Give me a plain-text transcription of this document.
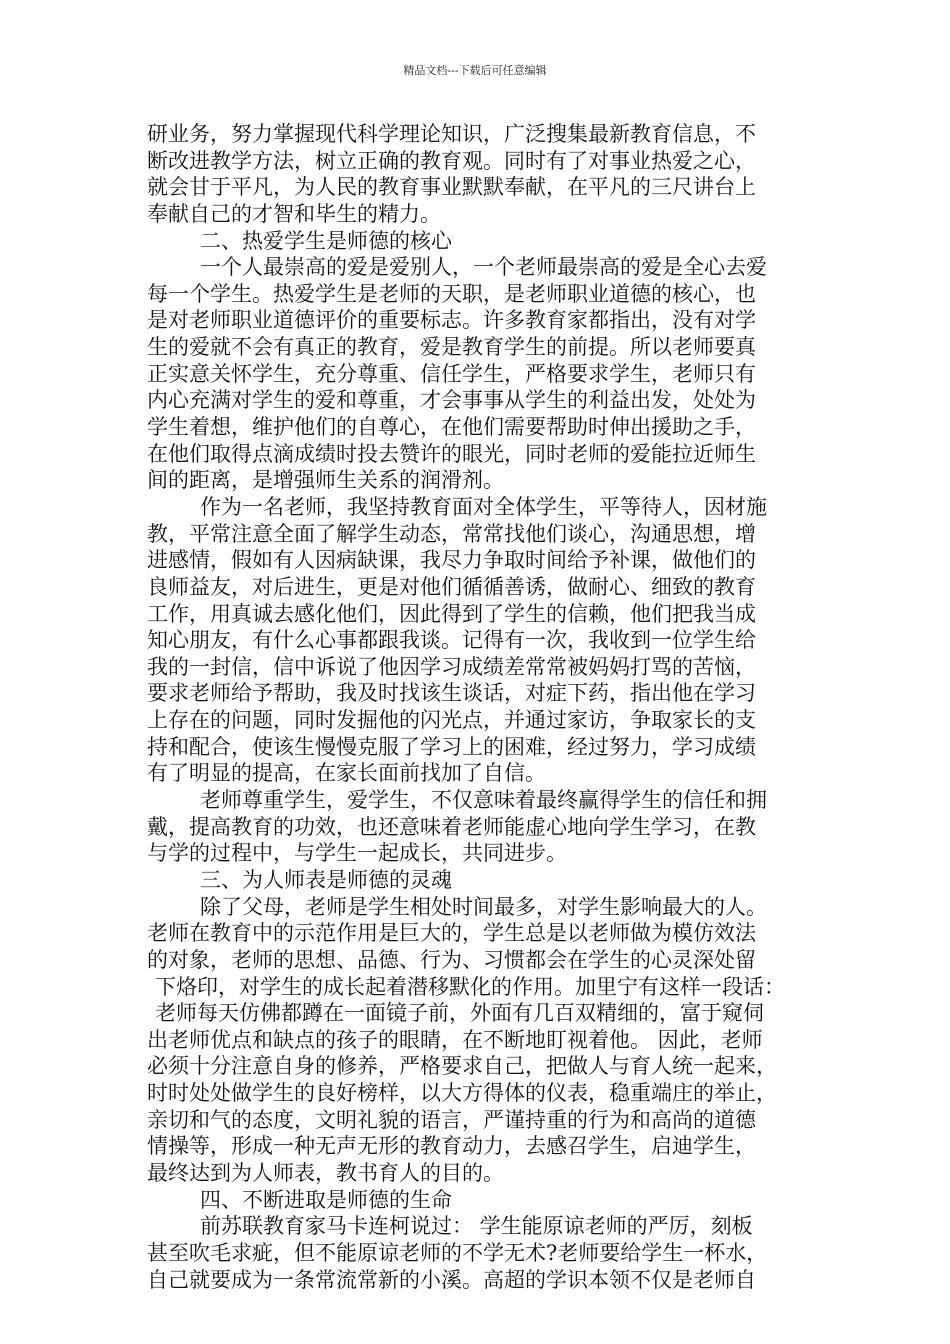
精品文档---下载后可任意编辑
研业务，努力掌握现代科学理论知识，广泛搜集最新教育信息，不
断改进教学方法，树立正确的教育观。同时有了对事业热爱之心，
就会甘于平凡，为人民的教育事业默默奉献，在平凡的三尺讲台上
奉献自己的才智和毕生的精力。
二、热爱学生是师德的核心
一个人最崇高的爱是爱别人，一个老师最崇高的爱是全心去爱
每一个学生。热爱学生是老师的天职，是老师职业道德的核心，也
是对老师职业道德评价的重要标志。许多教育家都指出，没有对学
生的爱就不会有真正的教育，爱是教育学生的前提。所以老师要真
正实意关怀学生，充分尊重、信任学生，严格要求学生，老师只有
内心充满对学生的爱和尊重，才会事事从学生的利益出发，处处为
学生着想，维护他们的自尊心，在他们需要帮助时伸出援助之手，
在他们取得点滴成绩时投去赞许的眼光，同时老师的爱能拉近师生
间的距离，是增强师生关系的润滑剂。
作为一名老师，我坚持教育面对全体学生，平等待人，因材施
教，平常注意全面了解学生动态，常常找他们谈心，沟通思想，增
进感情，假如有人因病缺课，我尽力争取时间给予补课，做他们的
良师益友，对后进生，更是对他们循循善诱，做耐心、细致的教育
工作，用真诚去感化他们，因此得到了学生的信赖，他们把我当成
知心朋友，有什么心事都跟我谈。记得有一次，我收到一位学生给
我的一封信，信中诉说了他因学习成绩差常常被妈妈打骂的苦恼，
要求老师给予帮助，我及时找该生谈话，对症下药，指出他在学习
上存在的问题，同时发掘他的闪光点，并通过家访，争取家长的支
持和配合，使该生慢慢克服了学习上的困难，经过努力，学习成绩
有了明显的提高，在家长面前找加了自信。
老师尊重学生，爱学生，不仅意味着最终赢得学生的信任和拥
戴，提高教育的功效，也还意味着老师能虚心地向学生学习，在教
与学的过程中，与学生一起成长，共同进步。
三、为人师表是师德的灵魂
除了父母，老师是学生相处时间最多，对学生影响最大的人。
老师在教育中的示范作用是巨大的，学生总是以老师做为模仿效法
的对象，老师的思想、品德、行为、习惯都会在学生的心灵深处留
下烙印，对学生的成长起着潜移默化的作用。加里宁有这样一段话：
老师每天仿佛都蹲在一面镜子前，外面有几百双精细的，富于窥伺
出老师优点和缺点的孩子的眼睛，在不断地盯视着他。 因此，老师
必须十分注意自身的修养，严格要求自己，把做人与育人统一起来，
时时处处做学生的良好榜样，以大方得体的仪表，稳重端庄的举止，
亲切和气的态度，文明礼貌的语言，严谨持重的行为和高尚的道德
情操等，形成一种无声无形的教育动力，去感召学生，启迪学生，
最终达到为人师表，教书育人的目的。
四、不断进取是师德的生命
前苏联教育家马卡连柯说过： 学生能原谅老师的严厉，刻板
甚至吹毛求疵，但不能原谅老师的不学无术?老师要给学生一杯水，
自己就要成为一条常流常新的小溪。高超的学识本领不仅是老师自
